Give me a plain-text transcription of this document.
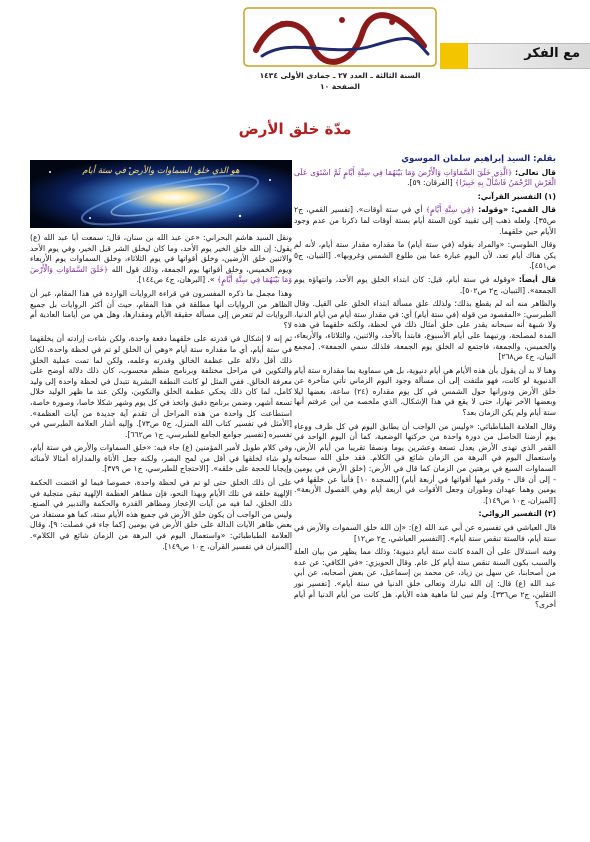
السنة الثالثة ـ العدد ٢٧ ـ جمادى الأولى ١٤٣٤
الصفحة ١٠
مع الفكر
مدّة خلق الأرض
هو الذي خلق السماوات والأرض في ستة أيام

بقلم: السيد إبراهيم سلمان الموسوي

قال تعالى: ﴿الَّذِي خَلَقَ السَّمَاوَاتِ وَالْأَرْضَ وَمَا بَيْنَهُمَا فِي سِتَّةِ أَيَّامٍ ثُمَّ اسْتَوَى عَلَى الْعَرْشِ الرَّحْمَنُ فَاسْأَلْ بِهِ خَبِيرًا﴾ [الفرقان: ٥٩].

(١) التفسير القرآني:

قال القمي: «وقوله: ﴿فِي سِتَّةِ أَيَّامٍ﴾ أي في ستة أوقات». [تفسير القمي، ج٢ ص٣٥]. ولعله ذهب إلى تقييد كون الستة أيام بستة أوقات لما ذكرنا من عدم وجود الأيام حين خلقهما.

وقال الطوسي: «والمراد بقوله (في ستة أيام) ما مقداره مقدار ستة أيام، لأنه لم يكن هناك أيام تعد، لأن اليوم عبارة عما بين طلوع الشمس وغروبها». [التبيان، ج٥ ص٤٥١].

قال أيضاً: «وقوله في ستة أيام، قيل: كان ابتداء الخلق يوم الأحد، وانتهاؤه يوم الجمعة». [التبيان، ج٢ ص٥٠٢].

والظاهر منه أنه لم يقطع بذلك؛ ولذلك علق مسألة ابتداء الخلق على القيل. وقال الطبرسي: «المقصود من قوله (في ستة أيام) أي: في مقدار ستة أيام من أيام الدنيا، ولا شبهة أنه سبحانه يقدر على خلق أمثال ذلك في لحظة، ولكنه خلقهما في هذه المدة لمصلحة، ورتبهما على أيام الأسبوع، فابتدأ بالأحد، والاثنين، والثلاثاء، والأربعاء، والخميس، والجمعة، فاجتمع له الخلق يوم الجمعة، فلذلك سمي الجمعة». [مجمع البيان، ج٤ ص٢٦٨]

وهنا لا بد أن يقول بأن هذه الأيام هي أيام دنيوية، بل هي سماوية بما مقداره ستة أيام الدنيوية لو كانت، فهو ملتفت إلى أن مسألة وجود اليوم الزماني تأتي متأخرة عن خلق الأرض ودورانها حول الشمس في كل يوم مقداره (٢٤) ساعة، بعضها ليلا وبعضها الآخر نهارا، حتى لا يقع في هذا الإشكال، الذي ملخصه من أين عرفتم أنها ستة أيام ولم يكن الزمان بعد؟

وقال العلامة الطباطبائي: «وليس من الواجب أن يطابق اليوم في كل ظرف ووعاء يوم أرضنا الحاصل من دورة واحدة من حركتها الوضعية، كما أن اليوم الواحد في القمر الذي تهدى الأرض يعدل تسعة وعشرين يوما ونصفا تقريبا من أيام الأرض، واستعمال اليوم في البرهة من الزمان شائع في الكلام. فقد خلق الله سبحانه السماوات السبع في برهتين من الزمان كما قال في الأرض: (خلق الأرض في يومين - إلى أن قال - وقدر فيها أقواتها في أربعة أيام) [السجدة ١٠] فأنبأ عن خلقها في يومين وهما عهدان وطوران وجعل الأقوات في أربعة أيام وهي الفصول الأربعة». [الميزان، ج١٠ ص١٤٩].

(٢) التفسير الروائي:

قال العياشي في تفسيره عن أبي عبد الله (ع): «إن الله خلق السموات والأرض في ستة أيام، فالستة تنقص ستة أيام». [التفسير العياشي، ج٢ ص١٢]

وفيه استدلال على أن المدة كانت ستة أيام دنيوية؛ وذلك مما يظهر من بيان العلة والسبب بكون السنة تنقص ستة أيام كل عام. وقال الحويزي: «في الكافي: عن عدة من أصحابنا، عن سهل بن زياد، عن محمد بن إسماعيل، عن بعض أصحابه، عن أبي عبد الله (ع) قال: إن الله تبارك وتعالى خلق الدنيا في ستة أيام». [تفسير نور الثقلين، ج٢ ص٣٣٦]. ولم تبين لنا ماهية هذه الأيام، هل كانت من أيام الدنيا أم أيام أخرى؟

ونقل السيد هاشم البحراني: «عن عبد الله بن سنان، قال: سمعت أبا عبد الله (ع) يقول: إن الله خلق الخير يوم الأحد، وما كان ليخلق الشر قبل الخير، وفي يوم الأحد والاثنين خلق الأرضين، وخلق أقواتها في يوم الثلاثاء، وخلق السماوات يوم الأربعاء ويوم الخميس، وخلق أقواتها يوم الجمعة، وذلك قول الله ﴿خَلَقَ السَّمَاوَاتِ وَالْأَرْضَ وَمَا بَيْنَهُمَا فِي سِتَّةِ أَيَّامٍ﴾ ». [البرهان، ج٤ ص١٤٤].

وهذا مجمل ما ذكره المفسرون في قراءة الروايات الواردة في هذا المقام، غير أن الظاهر من الروايات أنها مطلقة في هذا المقام، حيث أن أكثر الروايات بل جميع الروايات لم تتعرض إلى مسألة حقيقة الأيام ومقدارها، وهل هي من أيامنا العادية أم لا؟

ثم إنه لا إشكال في قدرته على خلقهما دفعة واحدة، ولكن شاءت إرادته أن يخلقهما في ستة أيام، أي ما مقداره ستة أيام «وهي أن الخلق لو تم في لحظة واحدة، لكان ذلك أقل دلالة على عظمة الخالق وقدرته وعلمه، ولكن لما تمت عملية الخلق والتكوين في مراحل مختلفة وبرنامج منظم محسوب، كان ذلك دلالة أوضح على معرفة الخالق. ففي المثل لو كانت النطفة البشرية تتبدل في لحظة واحدة إلى وليد كامل، لما كان ذلك يحكي عظمة الخلق والتكوين، ولكن عند ما ظهر الوليد خلال تسعة أشهر، وضمن برنامج دقيق واتخذ في كل يوم وشهر شكلا خاصا، وصورة خاصة، استطاعت كل واحدة من هذه المراحل أن تقدم آية جديدة من آيات العظمة». [الأمثل في تفسير كتاب الله المنزل، ج٥ ص٧٣]. وإليه أشار العلامة الطبرسي في تفسيره [تفسير جوامع الجامع للطبرسي، ج١ ص٦٦٢].

وفي كلام طويل لأمير المؤمنين (ع) جاء فيه: «خلق السماوات والأرض في ستة أيام، ولو شاء لخلقها في أقل من لمح البصر، ولكنه جعل الأناة والمداراة أمثالا لأمنائه وإيجابا للحجة على خلقه». [الاحتجاج للطبرسي، ج١ ص ٣٧٩].

على أن ذلك الخلق حتى لو تم في لحظة واحدة، خصوصا فيما لو اقتضت الحكمة الإلهية خلقه في تلك الأيام وبهذا النحو، فإن مظاهر العظمة الإلهية تبقى متجلية في ذلك الخلق، لما فيه من آيات الإعجاز ومظاهر القدرة والحكمة والتدبير في الصنع. وليس من الواجب أن يكون خلق الأرض في جميع هذه الأيام ستة، كما هو مستفاد من بعض ظاهر الآيات الدالة على خلق الأرض في يومين [كما جاء في فصلت: ٩]، وقال العلامة الطباطبائي: «واستعمال اليوم في البرهة من الزمان شائع في الكلام». [الميزان في تفسير القرآن، ج١٠ ص١٤٩].
